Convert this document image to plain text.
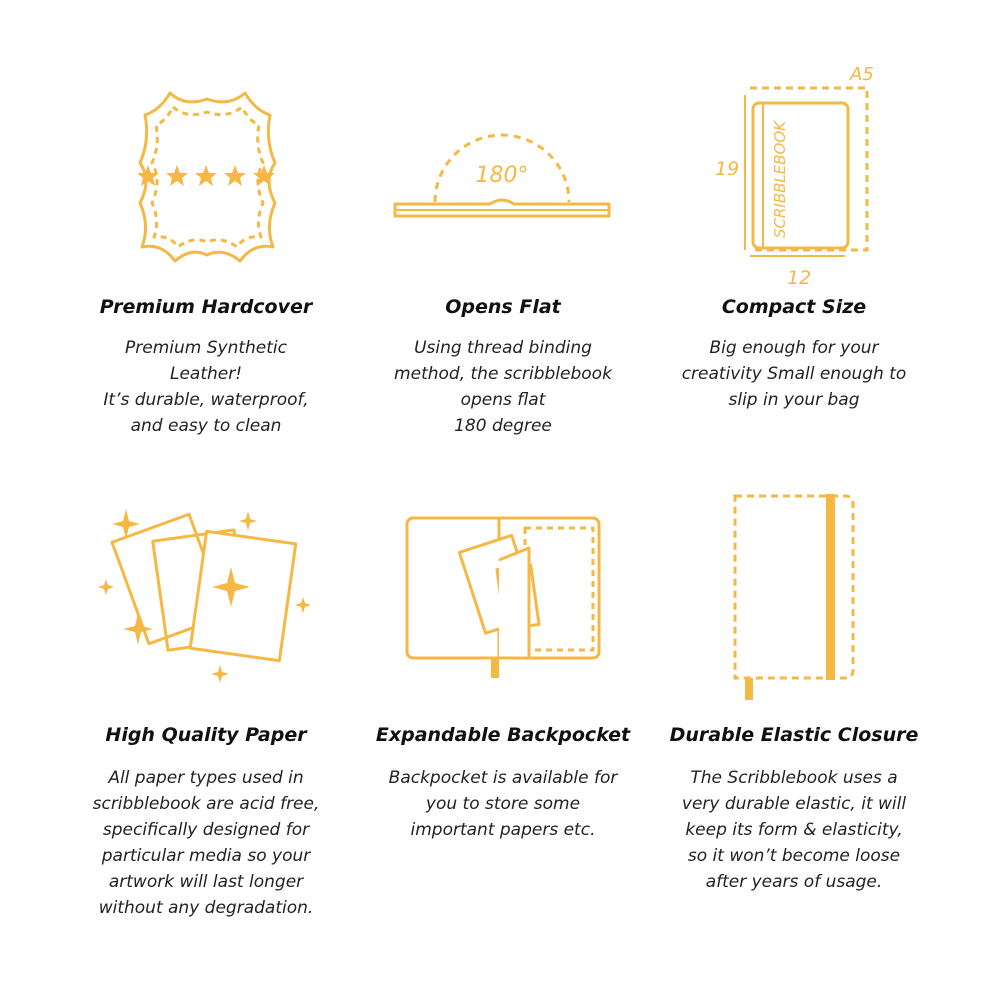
180°
A5
19
12
SCRIBBLEBOOK
Premium Hardcover
Premium Synthetic
Leather!
It’s durable, waterproof,
and easy to clean
Opens Flat
Using thread binding
method, the scribblebook
opens flat
180 degree
Compact Size
Big enough for your
creativity Small enough to
slip in your bag
High Quality Paper
All paper types used in
scribblebook are acid free,
specifically designed for
particular media so your
artwork will last longer
without any degradation.
Expandable Backpocket
Backpocket is available for
you to store some
important papers etc.
Durable Elastic Closure
The Scribblebook uses a
very durable elastic, it will
keep its form & elasticity,
so it won’t become loose
after years of usage.
